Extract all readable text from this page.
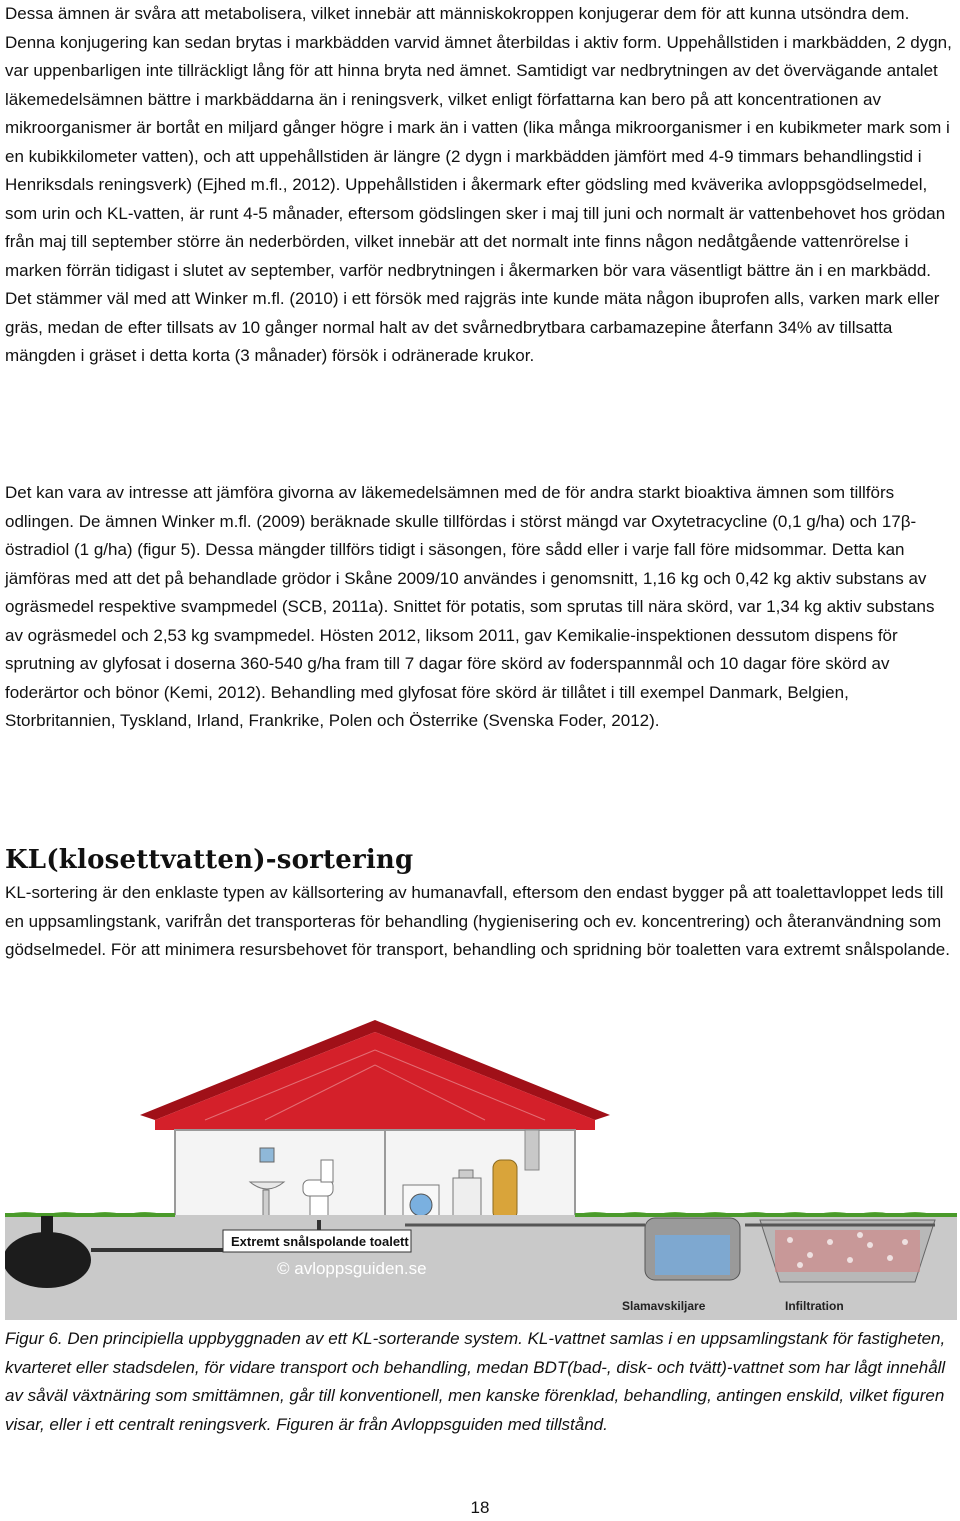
Dessa ämnen är svåra att metabolisera, vilket innebär att människokroppen konjugerar dem för att kunna utsöndra dem. Denna konjugering kan sedan brytas i markbädden varvid ämnet återbildas i aktiv form. Uppehållstiden i markbädden, 2 dygn, var uppenbarligen inte tillräckligt lång för att hinna bryta ned ämnet. Samtidigt var nedbrytningen av det övervägande antalet läkemedelsämnen bättre i markbäddarna än i reningsverk, vilket enligt författarna kan bero på att koncentrationen av mikroorganismer är bortåt en miljard gånger högre i mark än i vatten (lika många mikroorganismer i en kubikmeter mark som i en kubikkilometer vatten), och att uppehållstiden är längre (2 dygn i markbädden jämfört med 4-9 timmars behandlingstid i Henriksdals reningsverk) (Ejhed m.fl., 2012). Uppehållstiden i åkermark efter gödsling med kväverika avloppsgödselmedel, som urin och KL-vatten, är runt 4-5 månader, eftersom gödslingen sker i maj till juni och normalt är vattenbehovet hos grödan från maj till september större än nederbörden, vilket innebär att det normalt inte finns någon nedåtgående vattenrörelse i marken förrän tidigast i slutet av september, varför nedbrytningen i åkermarken bör vara väsentligt bättre än i en markbädd. Det stämmer väl med att Winker m.fl. (2010) i ett försök med rajgräs inte kunde mäta någon ibuprofen alls, varken mark eller gräs, medan de efter tillsats av 10 gånger normal halt av det svårnedbrytbara carbamazepine återfann 34% av tillsatta mängden i gräset i detta korta (3 månader) försök i odränerade krukor.

Det kan vara av intresse att jämföra givorna av läkemedelsämnen med de för andra starkt bioaktiva ämnen som tillförs odlingen. De ämnen Winker m.fl. (2009) beräknade skulle tillfördas i störst mängd var Oxytetracycline (0,1 g/ha) och 17β- östradiol (1 g/ha) (figur 5). Dessa mängder tillförs tidigt i säsongen, före sådd eller i varje fall före midsommar. Detta kan jämföras med att det på behandlade grödor i Skåne 2009/10 användes i genomsnitt, 1,16 kg och 0,42 kg aktiv substans av ogräsmedel respektive svampmedel (SCB, 2011a). Snittet för potatis, som sprutas till nära skörd, var 1,34 kg aktiv substans av ogräsmedel och 2,53 kg svampmedel. Hösten 2012, liksom 2011, gav Kemikalie-inspektionen dessutom dispens för sprutning av glyfosat i doserna 360-540 g/ha fram till 7 dagar före skörd av foderspannmål och 10 dagar före skörd av foderärtor och bönor (Kemi, 2012). Behandling med glyfosat före skörd är tillåtet i till exempel Danmark, Belgien, Storbritannien, Tyskland, Irland, Frankrike, Polen och Österrike (Svenska Foder, 2012).

KL(klosettvatten)-sortering

KL-sortering är den enklaste typen av källsortering av humanavfall, eftersom den endast bygger på att toalettavloppet leds till en uppsamlingstank, varifrån det transporteras för behandling (hygienisering och ev. koncentrering) och återanvändning som gödselmedel. För att minimera resursbehovet för transport, behandling och spridning bör toaletten vara extremt snålspolande.

Extremt snålspolande toalett
© avloppsguiden.se
Slamavskiljare	Infiltration

Figur 6. Den principiella uppbyggnaden av ett KL-sorterande system. KL-vattnet samlas i en uppsamlingstank för fastigheten, kvarteret eller stadsdelen, för vidare transport och behandling, medan BDT(bad-, disk- och tvätt)-vattnet som har lågt innehåll av såväl växtnäring som smittämnen, går till konventionell, men kanske förenklad, behandling, antingen enskild, vilket figuren visar, eller i ett centralt reningsverk. Figuren är från Avloppsguiden med tillstånd.

18
